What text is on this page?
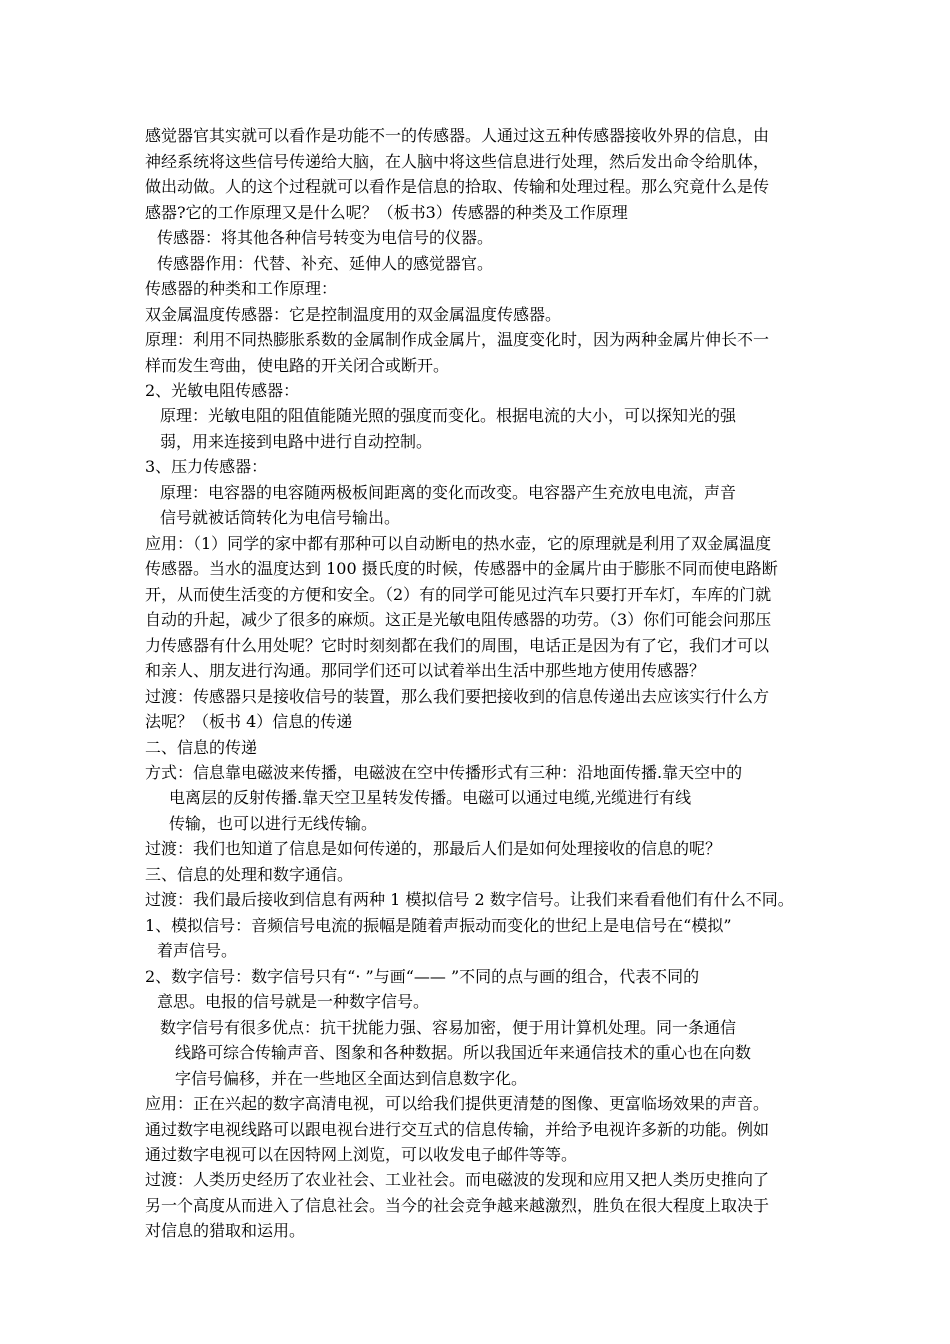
感觉器官其实就可以看作是功能不一的传感器。人通过这五种传感器接收外界的信息，由
神经系统将这些信号传递给大脑，在人脑中将这些信息进行处理，然后发出命令给肌体，
做出动做。人的这个过程就可以看作是信息的拾取、传输和处理过程。那么究竟什么是传
感器?它的工作原理又是什么呢？（板书3）传感器的种类及工作原理
传感器：将其他各种信号转变为电信号的仪器。
传感器作用：代替、补充、延伸人的感觉器官。
传感器的种类和工作原理：
双金属温度传感器：它是控制温度用的双金属温度传感器。
原理：利用不同热膨胀系数的金属制作成金属片，温度变化时，因为两种金属片伸长不一
样而发生弯曲，使电路的开关闭合或断开。
2、光敏电阻传感器：
原理：光敏电阻的阻值能随光照的强度而变化。根据电流的大小，可以探知光的强
弱，用来连接到电路中进行自动控制。
3、压力传感器：
原理：电容器的电容随两极板间距离的变化而改变。电容器产生充放电电流，声音
信号就被话筒转化为电信号输出。
应用：（1）同学的家中都有那种可以自动断电的热水壶，它的原理就是利用了双金属温度
传感器。当水的温度达到 100 摄氏度的时候，传感器中的金属片由于膨胀不同而使电路断
开，从而使生活变的方便和安全。（2）有的同学可能见过汽车只要打开车灯，车库的门就
自动的升起，减少了很多的麻烦。这正是光敏电阻传感器的功劳。（3）你们可能会问那压
力传感器有什么用处呢？它时时刻刻都在我们的周围，电话正是因为有了它，我们才可以
和亲人、朋友进行沟通。那同学们还可以试着举出生活中那些地方使用传感器？
过渡：传感器只是接收信号的装置，那么我们要把接收到的信息传递出去应该实行什么方
法呢？（板书 4）信息的传递
二、信息的传递
方式：信息靠电磁波来传播，电磁波在空中传播形式有三种：沿地面传播.靠天空中的
电离层的反射传播.靠天空卫星转发传播。电磁可以通过电缆,光缆进行有线
传输，也可以进行无线传输。
过渡：我们也知道了信息是如何传递的，那最后人们是如何处理接收的信息的呢？
三、信息的处理和数字通信。
过渡：我们最后接收到信息有两种 1 模拟信号 2 数字信号。让我们来看看他们有什么不同。
1、模拟信号：音频信号电流的振幅是随着声振动而变化的世纪上是电信号在“模拟”
着声信号。
2、数字信号：数字信号只有“· ”与画“—— ”不同的点与画的组合，代表不同的
意思。电报的信号就是一种数字信号。
数字信号有很多优点：抗干扰能力强、容易加密，便于用计算机处理。同一条通信
线路可综合传输声音、图象和各种数据。所以我国近年来通信技术的重心也在向数
字信号偏移，并在一些地区全面达到信息数字化。
应用：正在兴起的数字高清电视，可以给我们提供更清楚的图像、更富临场效果的声音。
通过数字电视线路可以跟电视台进行交互式的信息传输，并给予电视许多新的功能。例如
通过数字电视可以在因特网上浏览，可以收发电子邮件等等。
过渡：人类历史经历了农业社会、工业社会。而电磁波的发现和应用又把人类历史推向了
另一个高度从而进入了信息社会。当今的社会竞争越来越激烈，胜负在很大程度上取决于
对信息的猎取和运用。
